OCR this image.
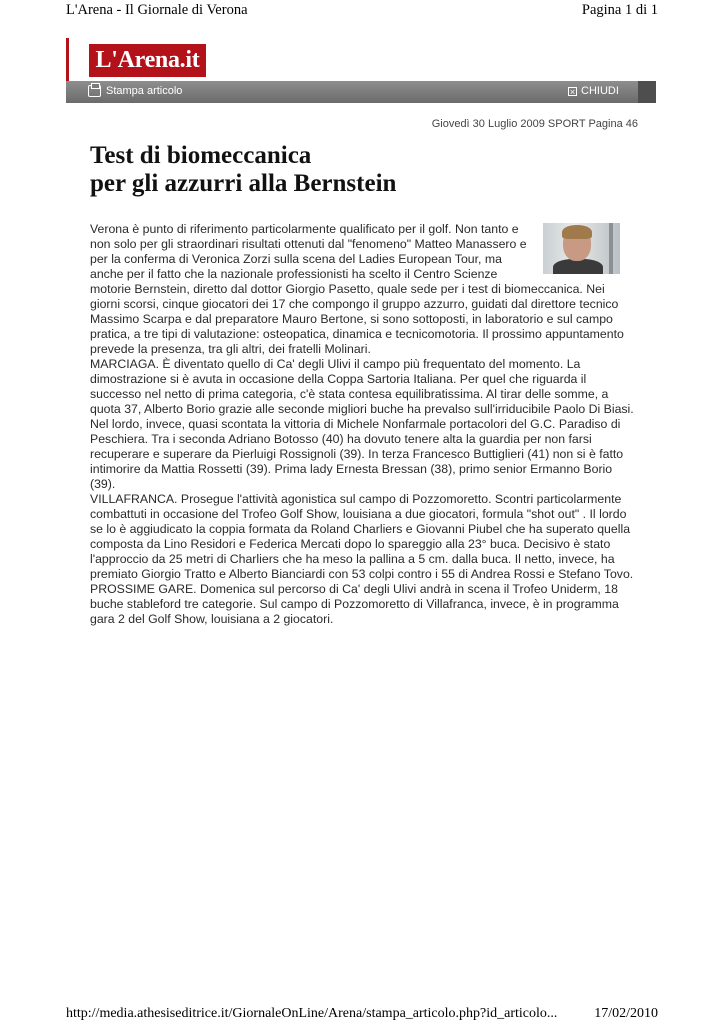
L'Arena - Il Giornale di Verona	Pagina 1 di 1
L'Arena.it
Stampa articolo	× CHIUDI
Giovedì 30 Luglio 2009 SPORT Pagina 46
Test di biomeccanica
per gli azzurri alla Bernstein

Verona è punto di riferimento particolarmente qualificato per il golf. Non tanto e non solo per gli straordinari risultati ottenuti dal "fenomeno" Matteo Manassero e per la conferma di Veronica Zorzi sulla scena del Ladies European Tour, ma anche per il fatto che la nazionale professionisti ha scelto il Centro Scienze motorie Bernstein, diretto dal dottor Giorgio Pasetto, quale sede per i test di biomeccanica. Nei giorni scorsi, cinque giocatori dei 17 che compongo il gruppo azzurro, guidati dal direttore tecnico Massimo Scarpa e dal preparatore Mauro Bertone, si sono sottoposti, in laboratorio e sul campo pratica, a tre tipi di valutazione: osteopatica, dinamica e tecnicomotoria. Il prossimo appuntamento prevede la presenza, tra gli altri, dei fratelli Molinari.

MARCIAGA. È diventato quello di Ca' degli Ulivi il campo più frequentato del momento. La dimostrazione si è avuta in occasione della Coppa Sartoria Italiana. Per quel che riguarda il successo nel netto di prima categoria, c'è stata contesa equilibratissima. Al tirar delle somme, a quota 37, Alberto Borio grazie alle seconde migliori buche ha prevalso sull'irriducibile Paolo Di Biasi. Nel lordo, invece, quasi scontata la vittoria di Michele Nonfarmale portacolori del G.C. Paradiso di Peschiera. Tra i seconda Adriano Botosso (40) ha dovuto tenere alta la guardia per non farsi recuperare e superare da Pierluigi Rossignoli (39). In terza Francesco Buttiglieri (41) non si è fatto intimorire da Mattia Rossetti (39). Prima lady Ernesta Bressan (38), primo senior Ermanno Borio (39).

VILLAFRANCA. Prosegue l'attività agonistica sul campo di Pozzomoretto. Scontri particolarmente combattuti in occasione del Trofeo Golf Show, louisiana a due giocatori, formula "shot out" . Il lordo se lo è aggiudicato la coppia formata da Roland Charliers e Giovanni Piubel che ha superato quella composta da Lino Residori e Federica Mercati dopo lo spareggio alla 23° buca. Decisivo è stato l'approccio da 25 metri di Charliers che ha meso la pallina a 5 cm. dalla buca. Il netto, invece, ha premiato Giorgio Tratto e Alberto Bianciardi con 53 colpi contro i 55 di Andrea Rossi e Stefano Tovo.

PROSSIME GARE. Domenica sul percorso di Ca' degli Ulivi andrà in scena il Trofeo Uniderm, 18 buche stableford tre categorie. Sul campo di Pozzomoretto di Villafranca, invece, è in programma gara 2 del Golf Show, louisiana a 2 giocatori.

http://media.athesiseditrice.it/GiornaleOnLine/Arena/stampa_articolo.php?id_articolo...	17/02/2010
